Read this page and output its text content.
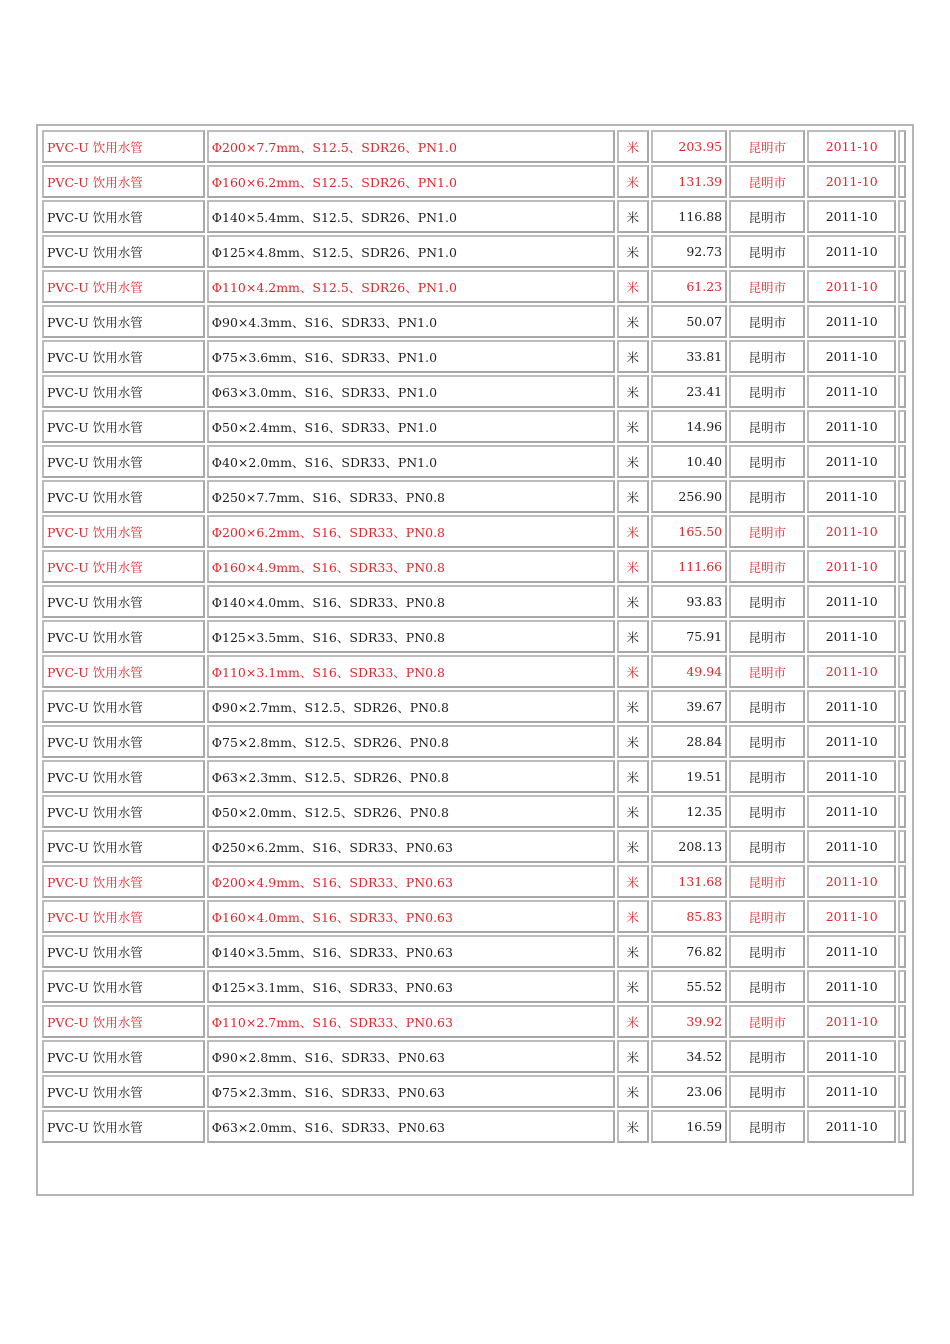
PVC-U 饮用水管	Φ200×7.7mm、S12.5、SDR26、PN1.0	米	203.95	昆明市	2011-10	
PVC-U 饮用水管	Φ160×6.2mm、S12.5、SDR26、PN1.0	米	131.39	昆明市	2011-10	
PVC-U 饮用水管	Φ140×5.4mm、S12.5、SDR26、PN1.0	米	116.88	昆明市	2011-10	
PVC-U 饮用水管	Φ125×4.8mm、S12.5、SDR26、PN1.0	米	92.73	昆明市	2011-10	
PVC-U 饮用水管	Φ110×4.2mm、S12.5、SDR26、PN1.0	米	61.23	昆明市	2011-10	
PVC-U 饮用水管	Φ90×4.3mm、S16、SDR33、PN1.0	米	50.07	昆明市	2011-10	
PVC-U 饮用水管	Φ75×3.6mm、S16、SDR33、PN1.0	米	33.81	昆明市	2011-10	
PVC-U 饮用水管	Φ63×3.0mm、S16、SDR33、PN1.0	米	23.41	昆明市	2011-10	
PVC-U 饮用水管	Φ50×2.4mm、S16、SDR33、PN1.0	米	14.96	昆明市	2011-10	
PVC-U 饮用水管	Φ40×2.0mm、S16、SDR33、PN1.0	米	10.40	昆明市	2011-10	
PVC-U 饮用水管	Φ250×7.7mm、S16、SDR33、PN0.8	米	256.90	昆明市	2011-10	
PVC-U 饮用水管	Φ200×6.2mm、S16、SDR33、PN0.8	米	165.50	昆明市	2011-10	
PVC-U 饮用水管	Φ160×4.9mm、S16、SDR33、PN0.8	米	111.66	昆明市	2011-10	
PVC-U 饮用水管	Φ140×4.0mm、S16、SDR33、PN0.8	米	93.83	昆明市	2011-10	
PVC-U 饮用水管	Φ125×3.5mm、S16、SDR33、PN0.8	米	75.91	昆明市	2011-10	
PVC-U 饮用水管	Φ110×3.1mm、S16、SDR33、PN0.8	米	49.94	昆明市	2011-10	
PVC-U 饮用水管	Φ90×2.7mm、S12.5、SDR26、PN0.8	米	39.67	昆明市	2011-10	
PVC-U 饮用水管	Φ75×2.8mm、S12.5、SDR26、PN0.8	米	28.84	昆明市	2011-10	
PVC-U 饮用水管	Φ63×2.3mm、S12.5、SDR26、PN0.8	米	19.51	昆明市	2011-10	
PVC-U 饮用水管	Φ50×2.0mm、S12.5、SDR26、PN0.8	米	12.35	昆明市	2011-10	
PVC-U 饮用水管	Φ250×6.2mm、S16、SDR33、PN0.63	米	208.13	昆明市	2011-10	
PVC-U 饮用水管	Φ200×4.9mm、S16、SDR33、PN0.63	米	131.68	昆明市	2011-10	
PVC-U 饮用水管	Φ160×4.0mm、S16、SDR33、PN0.63	米	85.83	昆明市	2011-10	
PVC-U 饮用水管	Φ140×3.5mm、S16、SDR33、PN0.63	米	76.82	昆明市	2011-10	
PVC-U 饮用水管	Φ125×3.1mm、S16、SDR33、PN0.63	米	55.52	昆明市	2011-10	
PVC-U 饮用水管	Φ110×2.7mm、S16、SDR33、PN0.63	米	39.92	昆明市	2011-10	
PVC-U 饮用水管	Φ90×2.8mm、S16、SDR33、PN0.63	米	34.52	昆明市	2011-10	
PVC-U 饮用水管	Φ75×2.3mm、S16、SDR33、PN0.63	米	23.06	昆明市	2011-10	
PVC-U 饮用水管	Φ63×2.0mm、S16、SDR33、PN0.63	米	16.59	昆明市	2011-10	
